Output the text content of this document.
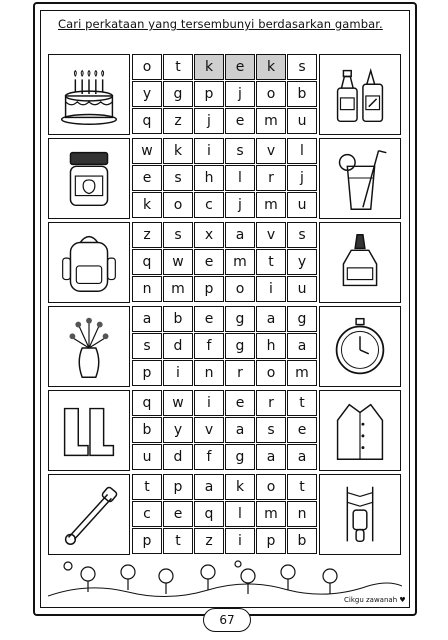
Cari perkataan yang tersembunyi berdasarkan gambar.
o	t	k	e	k	s
y	g	p	j	o	b
q	z	j	e	m	u
w	k	i	s	v	l
e	s	h	l	r	j
k	o	c	j	m	u
z	s	x	a	v	s
q	w	e	m	t	y
n	m	p	o	i	u
a	b	e	g	a	g
s	d	f	g	h	a
p	i	n	r	o	m
q	w	i	e	r	t
b	y	v	a	s	e
u	d	f	g	a	a
t	p	a	k	o	t
c	e	q	l	m	n
p	t	z	i	p	b
Cikgu zawanah ♥
67
